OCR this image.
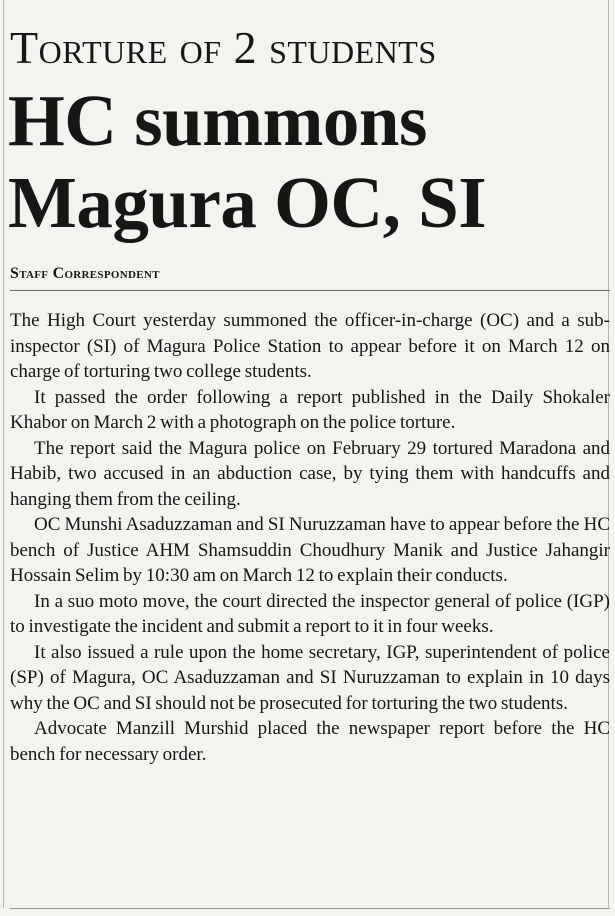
Torture of 2 students
HC summons
Magura OC, SI
Staff Correspondent

The High Court yesterday summoned the officer-in-charge (OC) and a sub-inspector (SI) of Magura Police Station to appear before it on March 12 on charge of torturing two college students.

It passed the order following a report published in the Daily Shokaler Khabor on March 2 with a photograph on the police torture.

The report said the Magura police on February 29 tortured Maradona and Habib, two accused in an abduction case, by tying them with handcuffs and hanging them from the ceiling.

OC Munshi Asaduzzaman and SI Nuruzzaman have to appear before the HC bench of Justice AHM Shamsuddin Choudhury Manik and Justice Jahangir Hossain Selim by 10:30 am on March 12 to explain their conducts.

In a suo moto move, the court directed the inspector general of police (IGP) to investigate the incident and submit a report to it in four weeks.

It also issued a rule upon the home secretary, IGP, superintendent of police (SP) of Magura, OC Asaduzzaman and SI Nuruzzaman to explain in 10 days why the OC and SI should not be prosecuted for torturing the two students.

Advocate Manzill Murshid placed the newspaper report before the HC bench for necessary order.
